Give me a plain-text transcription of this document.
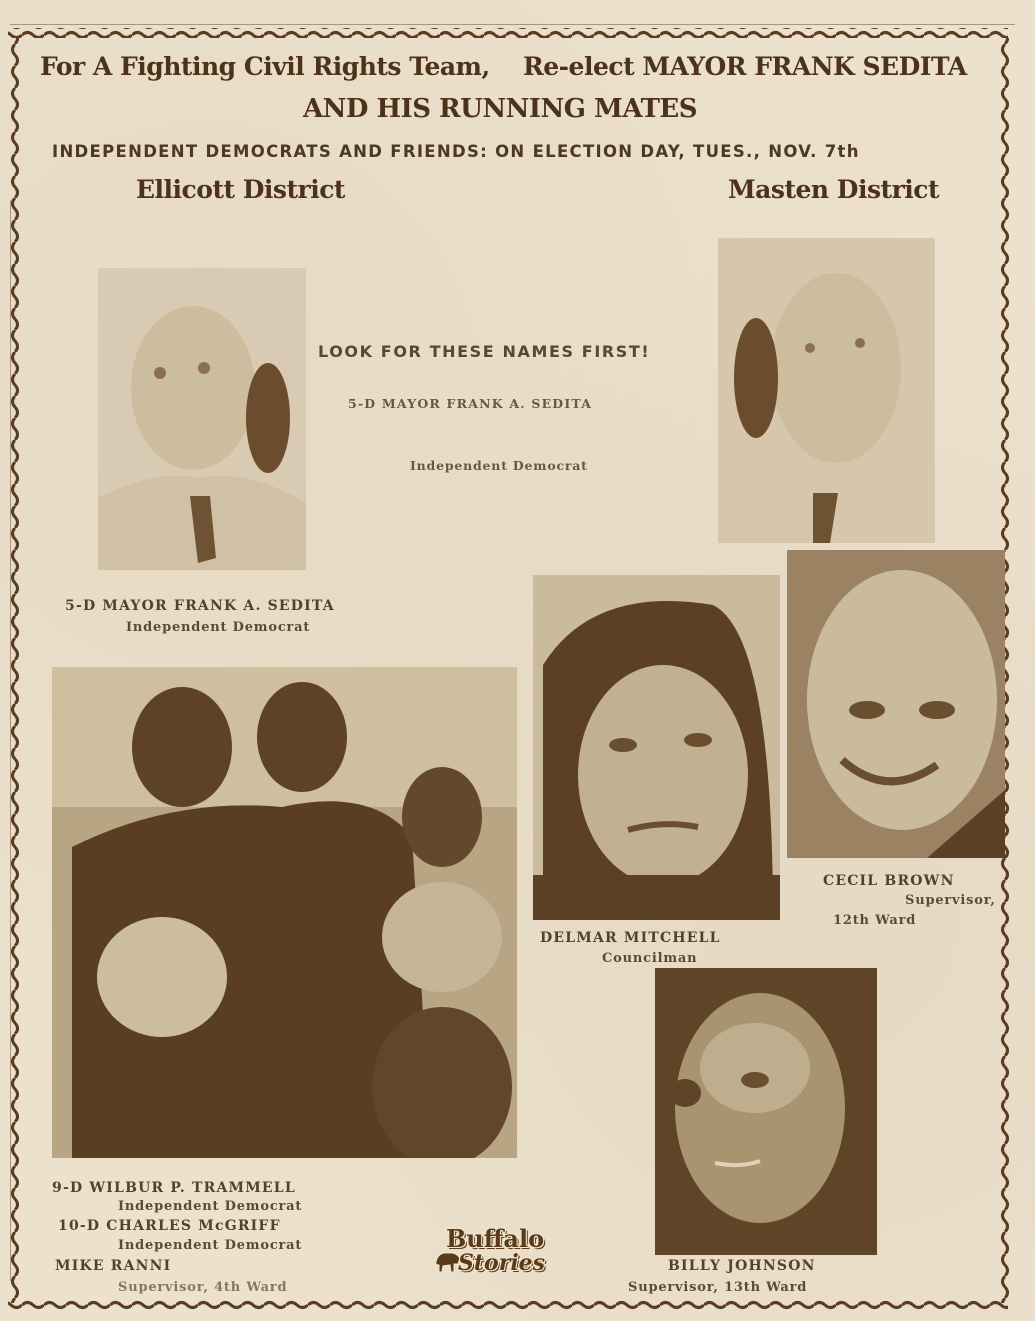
For A Fighting Civil Rights Team, Re-elect MAYOR FRANK SEDITA
AND HIS RUNNING MATES
INDEPENDENT DEMOCRATS AND FRIENDS: ON ELECTION DAY, TUES., NOV. 7th
Ellicott District	Masten District
LOOK FOR THESE NAMES FIRST!
5-D MAYOR FRANK A. SEDITA
Independent Democrat
5-D MAYOR FRANK A. SEDITA
Independent Democrat
DELMAR MITCHELL
Councilman
CECIL BROWN
Supervisor,
12th Ward
9-D WILBUR P. TRAMMELL
Independent Democrat
10-D CHARLES McGRIFF
Independent Democrat
MIKE RANNI
Supervisor, 4th Ward
BILLY JOHNSON
Supervisor, 13th Ward
Buffalo
Stories
